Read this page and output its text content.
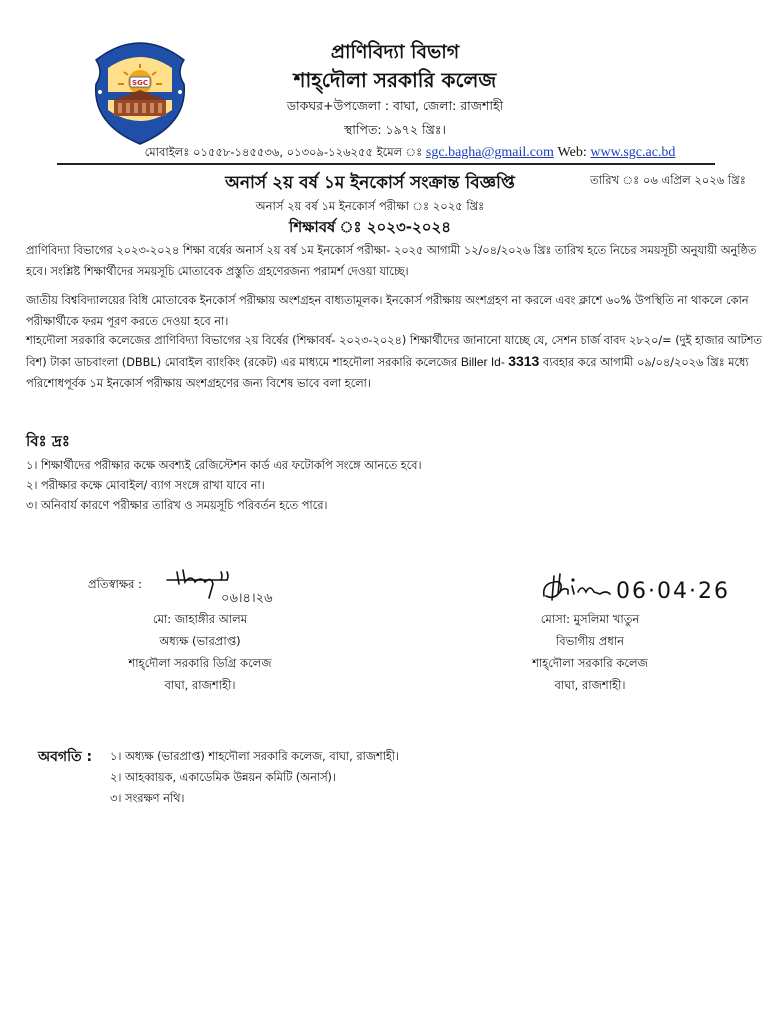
SGC
প্রাণিবিদ্যা বিভাগ
শাহ্‌দৌলা সরকারি কলেজ
ডাকঘর+উপজেলা : বাঘা, জেলা: রাজশাহী
স্থাপিত: ১৯৭২ খ্রিঃ।
মোবাইলঃ ০১৫৫৮-১৪৫৫৩৬, ০১৩০৯-১২৬২৫৫ ইমেল ঃ sgc.bagha@gmail.com Web: www.sgc.ac.bd
অনার্স ২য় বর্ষ ১ম ইনকোর্স সংক্রান্ত বিজ্ঞপ্তি	তারিখ ঃ ০৬ এপ্রিল ২০২৬ খ্রিঃ
অনার্স ২য় বর্ষ ১ম ইনকোর্স পরীক্ষা ঃ ২০২৫ খ্রিঃ
শিক্ষাবর্ষ ঃ ২০২৩-২০২৪
প্রাণিবিদ্যা বিভাগের ২০২৩-২০২৪ শিক্ষা বর্ষের অনার্স ২য় বর্ষ ১ম ইনকোর্স পরীক্ষা- ২০২৫ আগামী ১২/০৪/২০২৬ খ্রিঃ তারিখ হতে নিচের সময়সূচী অনুযায়ী অনুষ্ঠিত হবে। সংশ্লিষ্ট শিক্ষার্থীদের সময়সূচি মোতাবেক প্রস্তুতি গ্রহণেরজন্য পরামর্শ দেওয়া যাচ্ছে।
জাতীয় বিশ্ববিদ্যালয়ের বিধি মোতাবেক ইনকোর্স পরীক্ষায় অংশগ্রহন বাধ্যতামূলক। ইনকোর্স পরীক্ষায় অংশগ্রহণ না করলে এবং ক্লাশে ৬০% উপস্থিতি না থাকলে কোন পরীক্ষার্থীকে ফরম পূরণ করতে দেওয়া হবে না।
শাহদৌলা সরকারি কলেজের প্রাণিবিদ্যা বিভাগের ২য় বির্ষের (শিক্ষাবর্ষ- ২০২৩-২০২৪) শিক্ষার্থীদের জানানো যাচ্ছে যে, সেশন চার্জ বাবদ ২৮২০/= (দুই হাজার আটশত বিশ) টাকা ডাচবাংলা (DBBL) মোবাইল ব্যাংকিং (রকেট) এর মাধ্যমে শাহদৌলা সরকারি কলেজের Biller Id- 3313 ব্যবহার করে আগামী ০৯/০৪/২০২৬ খ্রিঃ মধ্যে পরিশোধপূর্বক ১ম ইনকোর্স পরীক্ষায় অংশগ্রহণের জন্য বিশেষ ভাবে বলা হলো।
বিঃ দ্রঃ
১। শিক্ষার্থীদের পরীক্ষার কক্ষে অবশ্যই রেজিস্টেশন কার্ড এর ফটোকপি সংঙ্গে আনতে হবে।
২। পরীক্ষার কক্ষে মোবাইল/ ব্যাগ সংঙ্গে রাখা যাবে না।
৩। অনিবার্য কারণে পরীক্ষার তারিখ ও সময়সূচি পরিবর্তন হতে পারে।
প্রতিস্বাক্ষর :
০৬।৪।২৬
মো: জাহাঙ্গীর আলম
অধ্যক্ষ (ভারপ্রাপ্ত)
শাহ্‌দৌলা সরকারি ডিগ্রি কলেজ
বাঘা, রাজশাহী।
06·04·26
মোসা: মুসলিমা খাতুন
বিভাগীয় প্রধান
শাহ্‌দৌলা সরকারি কলেজ
বাঘা, রাজশাহী।
অবগতি : ১। অধ্যক্ষ (ভারপ্রাপ্ত) শাহদৌলা সরকারি কলেজ, বাঘা, রাজশাহী।
২। আহব্বায়ক, একাডেমিক উন্নয়ন কমিটি (অনার্স)।
৩। সংরক্ষণ নথি।
